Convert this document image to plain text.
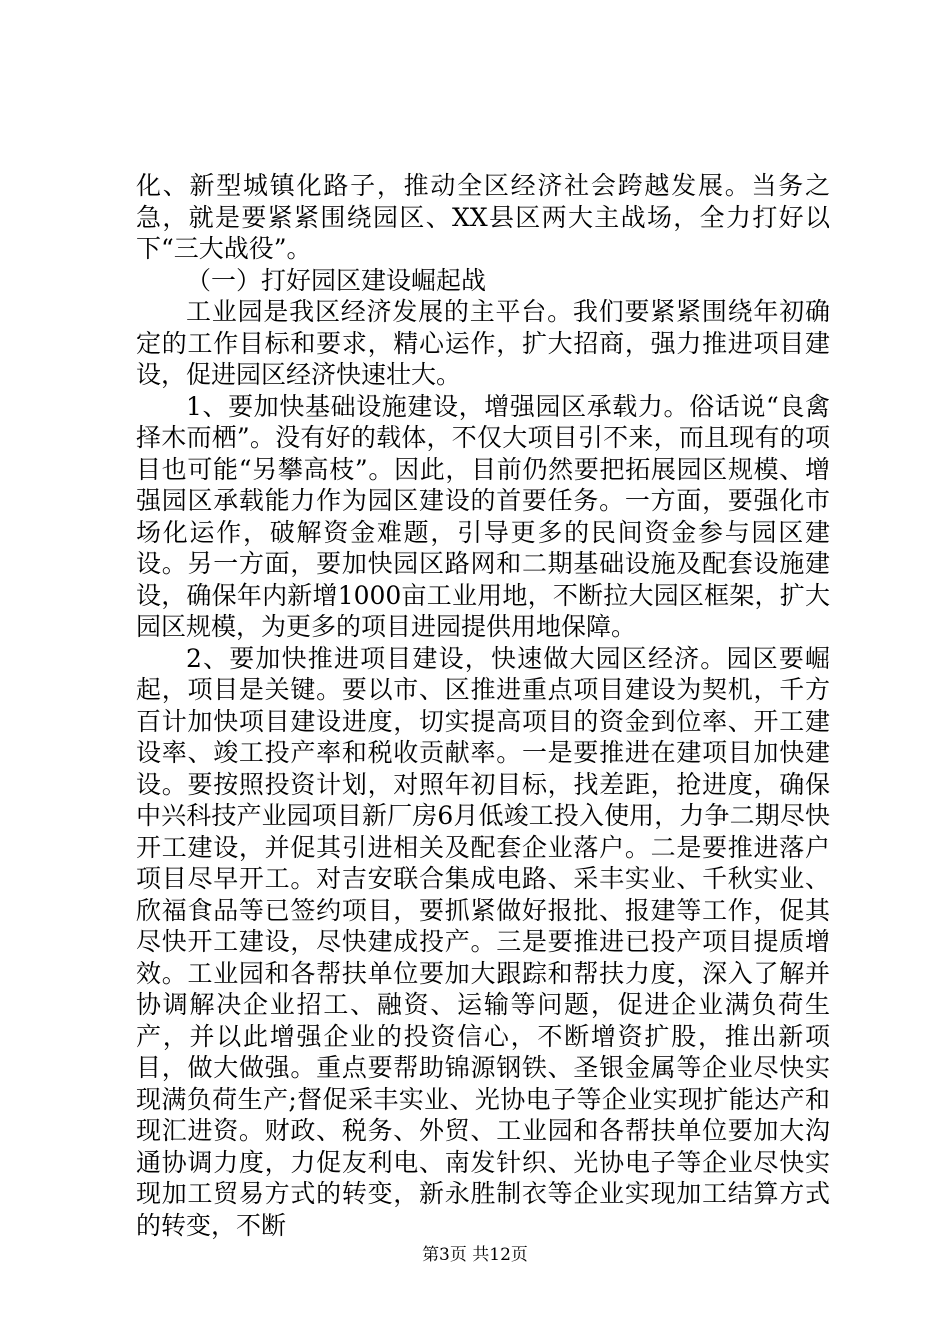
化、新型城镇化路子，推动全区经济社会跨越发展。当务之急，就是要紧紧围绕园区、XX县区两大主战场，全力打好以下“三大战役”。

（一）打好园区建设崛起战

工业园是我区经济发展的主平台。我们要紧紧围绕年初确定的工作目标和要求，精心运作，扩大招商，强力推进项目建设，促进园区经济快速壮大。

1、要加快基础设施建设，增强园区承载力。俗话说“良禽择木而栖”。没有好的载体，不仅大项目引不来，而且现有的项目也可能“另攀高枝”。因此，目前仍然要把拓展园区规模、增强园区承载能力作为园区建设的首要任务。一方面，要强化市场化运作，破解资金难题，引导更多的民间资金参与园区建设。另一方面，要加快园区路网和二期基础设施及配套设施建设，确保年内新增1000亩工业用地，不断拉大园区框架，扩大园区规模，为更多的项目进园提供用地保障。

2、要加快推进项目建设，快速做大园区经济。园区要崛起，项目是关键。要以市、区推进重点项目建设为契机，千方百计加快项目建设进度，切实提高项目的资金到位率、开工建设率、竣工投产率和税收贡献率。一是要推进在建项目加快建设。要按照投资计划，对照年初目标，找差距，抢进度，确保中兴科技产业园项目新厂房6月低竣工投入使用，力争二期尽快开工建设，并促其引进相关及配套企业落户。二是要推进落户项目尽早开工。对吉安联合集成电路、采丰实业、千秋实业、欣福食品等已签约项目，要抓紧做好报批、报建等工作，促其尽快开工建设，尽快建成投产。三是要推进已投产项目提质增效。工业园和各帮扶单位要加大跟踪和帮扶力度，深入了解并协调解决企业招工、融资、运输等问题，促进企业满负荷生产，并以此增强企业的投资信心，不断增资扩股，推出新项目，做大做强。重点要帮助锦源钢铁、圣银金属等企业尽快实现满负荷生产;督促采丰实业、光协电子等企业实现扩能达产和现汇进资。财政、税务、外贸、工业园和各帮扶单位要加大沟通协调力度，力促友利电、南发针织、光协电子等企业尽快实现加工贸易方式的转变，新永胜制衣等企业实现加工结算方式的转变，不断

第3页 共12页
